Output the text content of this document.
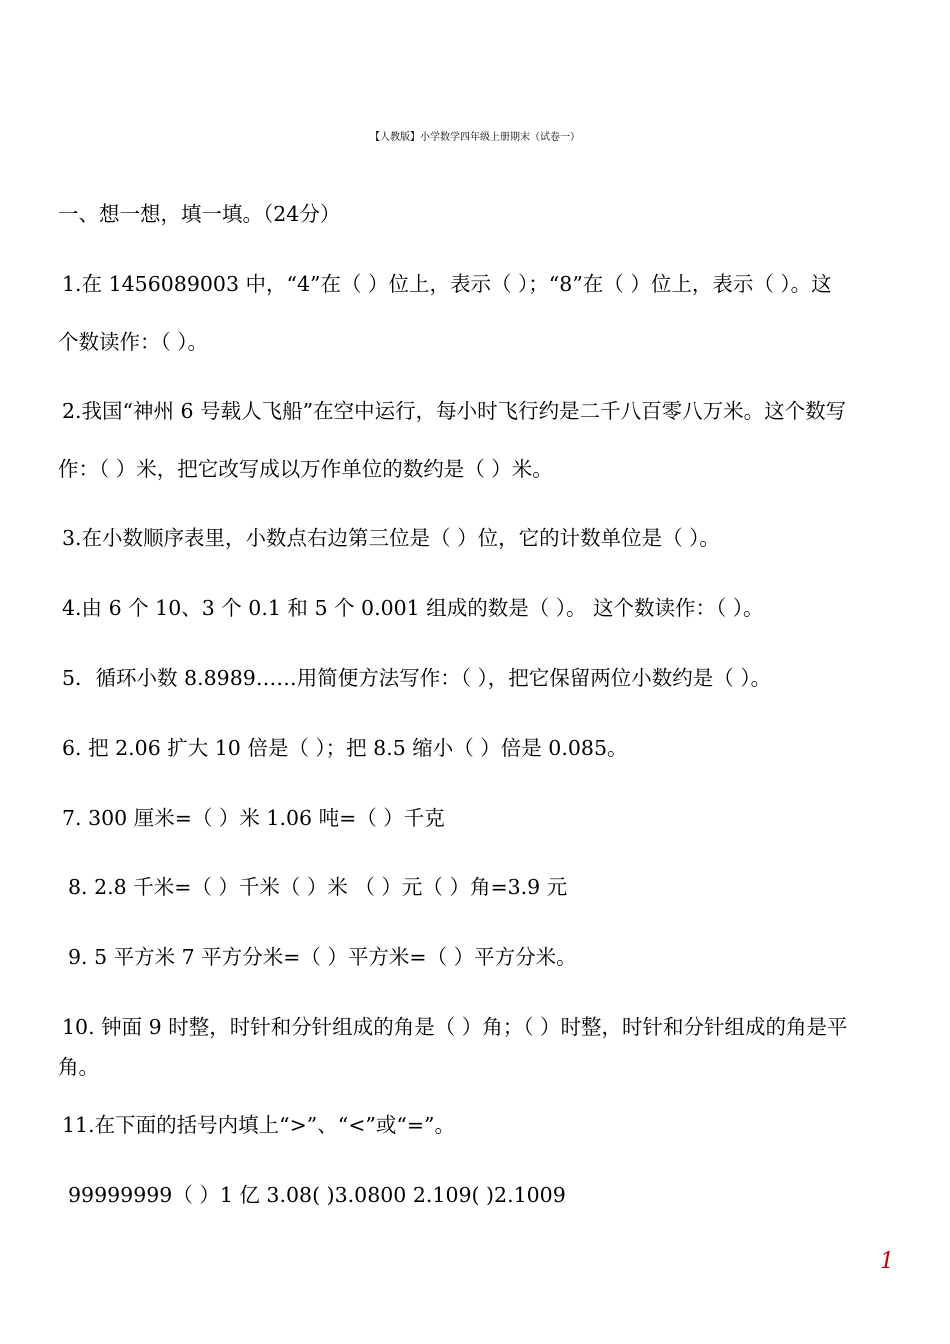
【人教版】小学数学四年级上册期末（试卷一）
一、想一想，填一填。（24分）
1.在 1456089003 中，“4”在（ ）位上，表示（ ）；“8”在（ ）位上，表示（ ）。这
个数读作：（ ）。
2.我国“神州 6 号载人飞船”在空中运行，每小时飞行约是二千八百零八万米。这个数写
作：（ ）米，把它改写成以万作单位的数约是（ ）米。
3.在小数顺序表里，小数点右边第三位是（ ）位，它的计数单位是（ ）。
4.由 6 个 10、3 个 0.1 和 5 个 0.001 组成的数是（ ）。 这个数读作：（ ）。
5．循环小数 8.8989……用简便方法写作：（ ），把它保留两位小数约是（ ）。
6. 把 2.06 扩大 10 倍是（ ）；把 8.5 缩小（ ）倍是 0.085。
7. 300 厘米=（ ）米 1.06 吨=（ ）千克
8. 2.8 千米=（ ）千米（ ）米 （ ）元（ ）角=3.9 元
9. 5 平方米 7 平方分米=（ ）平方米=（ ）平方分米。
10. 钟面 9 时整，时针和分针组成的角是（ ）角；（ ）时整，时针和分针组成的角是平
角。
11.在下面的括号内填上“>”、“<”或“=”。
99999999（ ）1 亿 3.08( )3.0800 2.109( )2.1009
1
